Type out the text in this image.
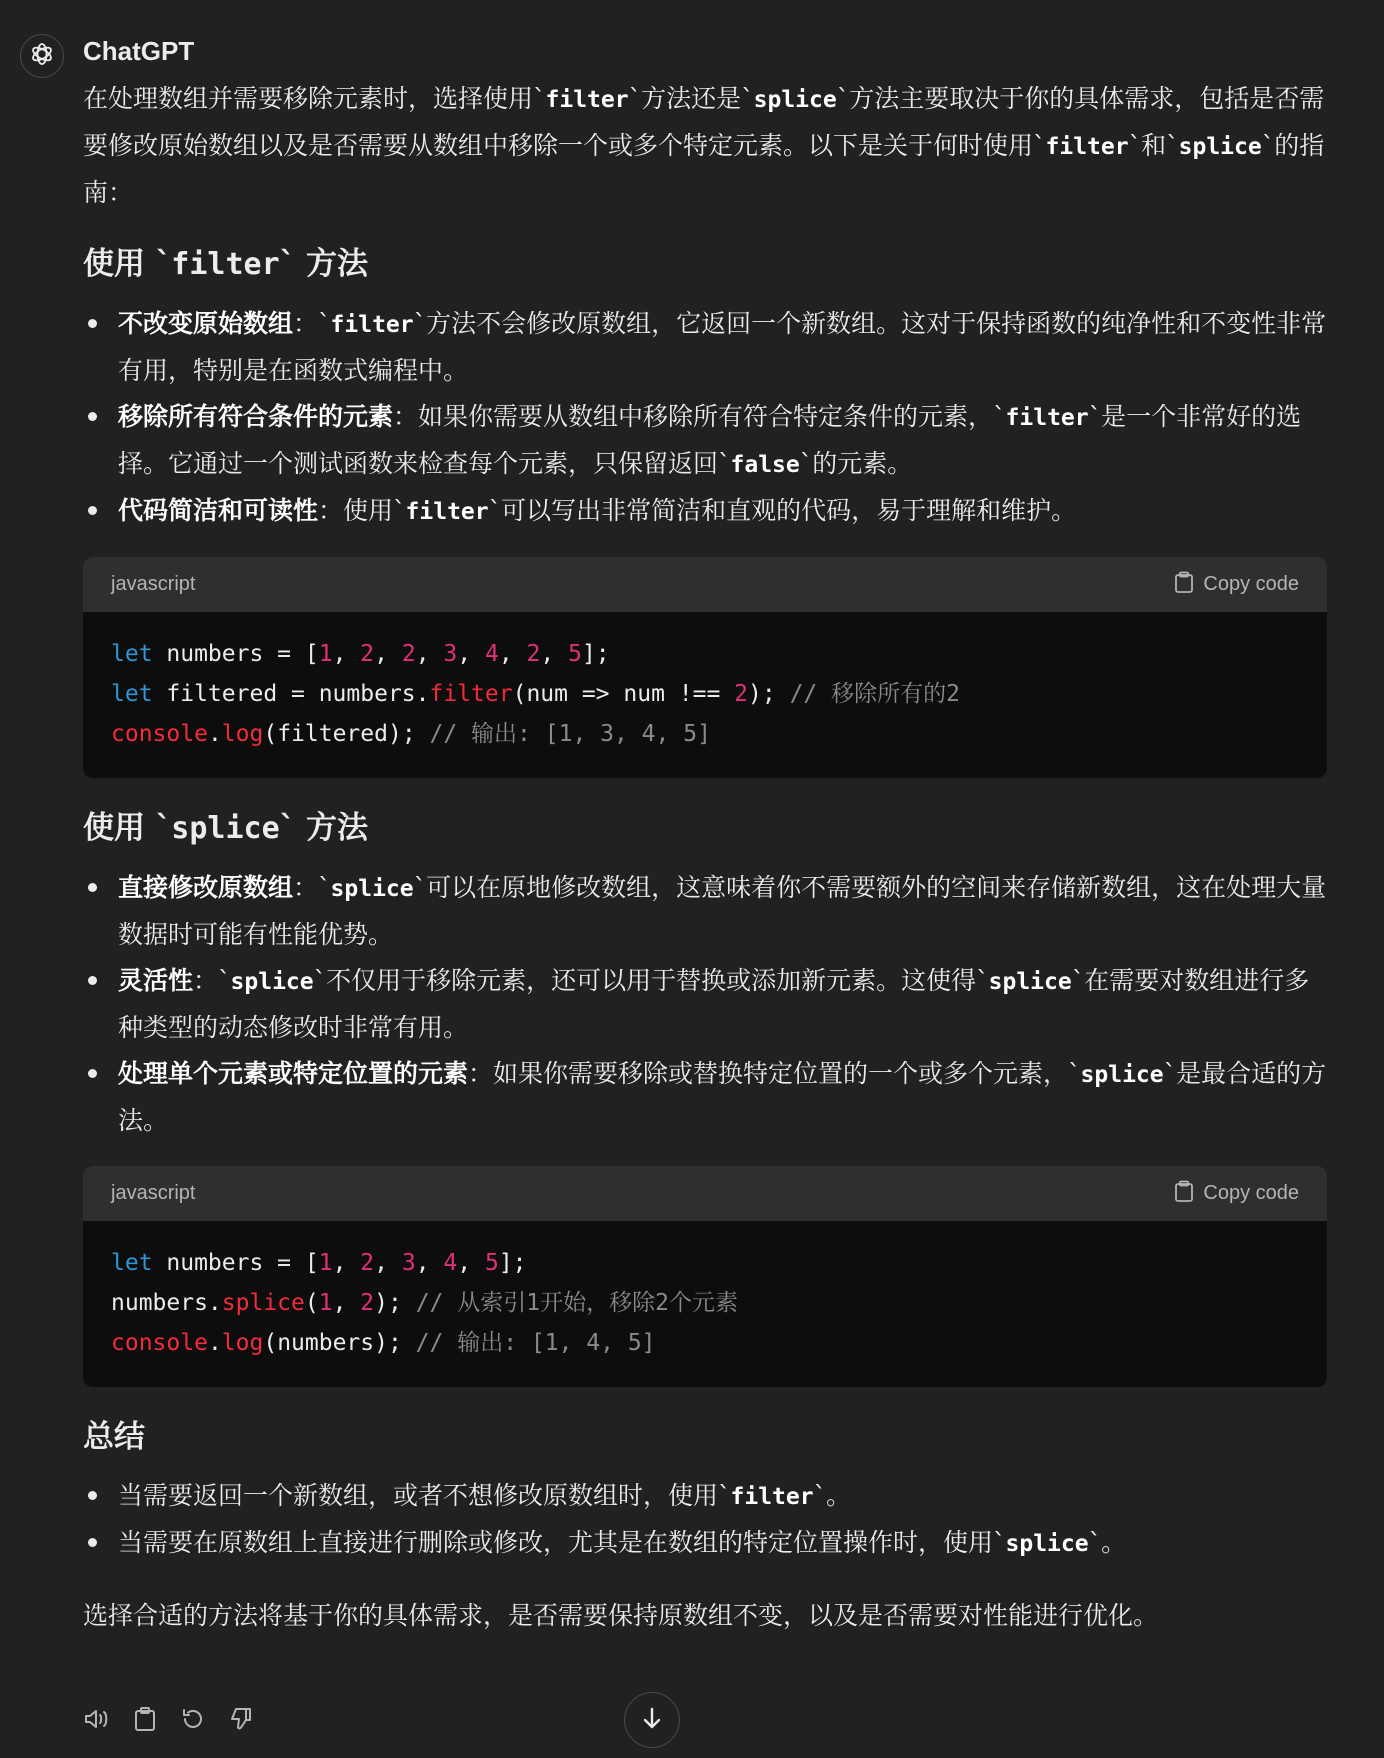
ChatGPT

在处理数组并需要移除元素时，选择使用`filter`方法还是`splice`方法主要取决于你的具体需求，包括是否需要修改原始数组以及是否需要从数组中移除一个或多个特定元素。以下是关于何时使用`filter`和`splice`的指南：

使用 `filter` 方法
不改变原始数组：`filter`方法不会修改原数组，它返回一个新数组。这对于保持函数的纯净性和不变性非常有用，特别是在函数式编程中。
移除所有符合条件的元素：如果你需要从数组中移除所有符合特定条件的元素，`filter`是一个非常好的选择。它通过一个测试函数来检查每个元素，只保留返回`false`的元素。
代码简洁和可读性：使用`filter`可以写出非常简洁和直观的代码，易于理解和维护。
javascript	Copy code
let numbers = [1, 2, 2, 3, 4, 2, 5];
let filtered = numbers.filter(num => num !== 2); // 移除所有的2
console.log(filtered); // 输出: [1, 3, 4, 5]
使用 `splice` 方法
直接修改原数组：`splice`可以在原地修改数组，这意味着你不需要额外的空间来存储新数组，这在处理大量数据时可能有性能优势。
灵活性：`splice`不仅用于移除元素，还可以用于替换或添加新元素。这使得`splice`在需要对数组进行多种类型的动态修改时非常有用。
处理单个元素或特定位置的元素：如果你需要移除或替换特定位置的一个或多个元素，`splice`是最合适的方法。
javascript	Copy code
let numbers = [1, 2, 3, 4, 5];
numbers.splice(1, 2); // 从索引1开始，移除2个元素
console.log(numbers); // 输出: [1, 4, 5]
总结
当需要返回一个新数组，或者不想修改原数组时，使用`filter`。
当需要在原数组上直接进行删除或修改，尤其是在数组的特定位置操作时，使用`splice`。

选择合适的方法将基于你的具体需求，是否需要保持原数组不变，以及是否需要对性能进行优化。
